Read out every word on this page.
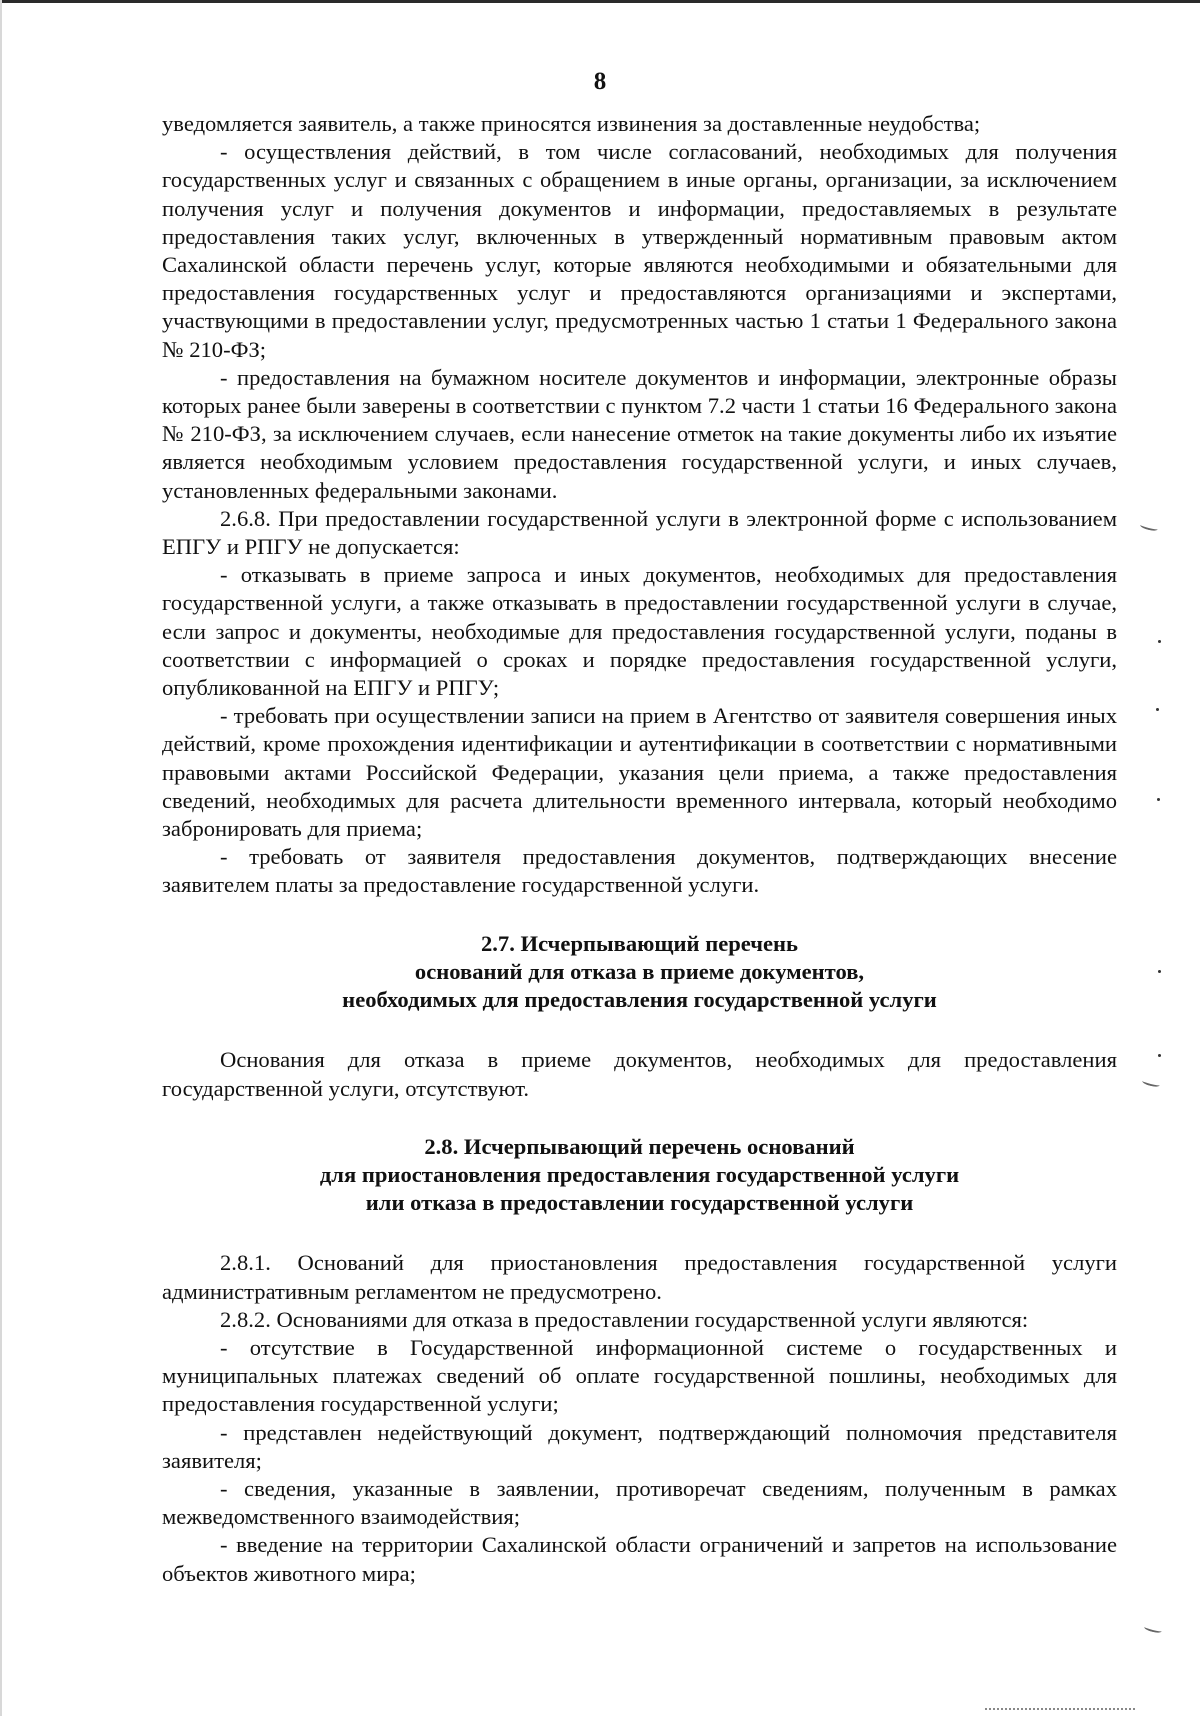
8

уведомляется заявитель, а также приносятся извинения за доставленные неудобства;

- осуществления действий, в том числе согласований, необходимых для получения государственных услуг и связанных с обращением в иные органы, организации, за исключением получения услуг и получения документов и информации, предоставляемых в результате предоставления таких услуг, включенных в утвержденный нормативным правовым актом Сахалинской области перечень услуг, которые являются необходимыми и обязательными для предоставления государственных услуг и предоставляются организациями и экспертами, участвующими в предоставлении услуг, предусмотренных частью 1 статьи 1 Федерального закона № 210-ФЗ;

- предоставления на бумажном носителе документов и информации, электронные образы которых ранее были заверены в соответствии с пунктом 7.2 части 1 статьи 16 Федерального закона № 210-ФЗ, за исключением случаев, если нанесение отметок на такие документы либо их изъятие является необходимым условием предоставления государственной услуги, и иных случаев, установленных федеральными законами.

2.6.8. При предоставлении государственной услуги в электронной форме с использованием ЕПГУ и РПГУ не допускается:

- отказывать в приеме запроса и иных документов, необходимых для предоставления государственной услуги, а также отказывать в предоставлении государственной услуги в случае, если запрос и документы, необходимые для предоставления государственной услуги, поданы в соответствии с информацией о сроках и порядке предоставления государственной услуги, опубликованной на ЕПГУ и РПГУ;

- требовать при осуществлении записи на прием в Агентство от заявителя совершения иных действий, кроме прохождения идентификации и аутентификации в соответствии с нормативными правовыми актами Российской Федерации, указания цели приема, а также предоставления сведений, необходимых для расчета длительности временного интервала, который необходимо забронировать для приема;

- требовать от заявителя предоставления документов, подтверждающих внесение заявителем платы за предоставление государственной услуги.

2.7. Исчерпывающий перечень
оснований для отказа в приеме документов,
необходимых для предоставления государственной услуги

Основания для отказа в приеме документов, необходимых для предоставления государственной услуги, отсутствуют.

2.8. Исчерпывающий перечень оснований
для приостановления предоставления государственной услуги
или отказа в предоставлении государственной услуги

2.8.1. Оснований для приостановления предоставления государственной услуги административным регламентом не предусмотрено.

2.8.2. Основаниями для отказа в предоставлении государственной услуги являются:

- отсутствие в Государственной информационной системе о государственных и муниципальных платежах сведений об оплате государственной пошлины, необходимых для предоставления государственной услуги;

- представлен недействующий документ, подтверждающий полномочия представителя заявителя;

- сведения, указанные в заявлении, противоречат сведениям, полученным в рамках межведомственного взаимодействия;

- введение на территории Сахалинской области ограничений и запретов на использование объектов животного мира;
